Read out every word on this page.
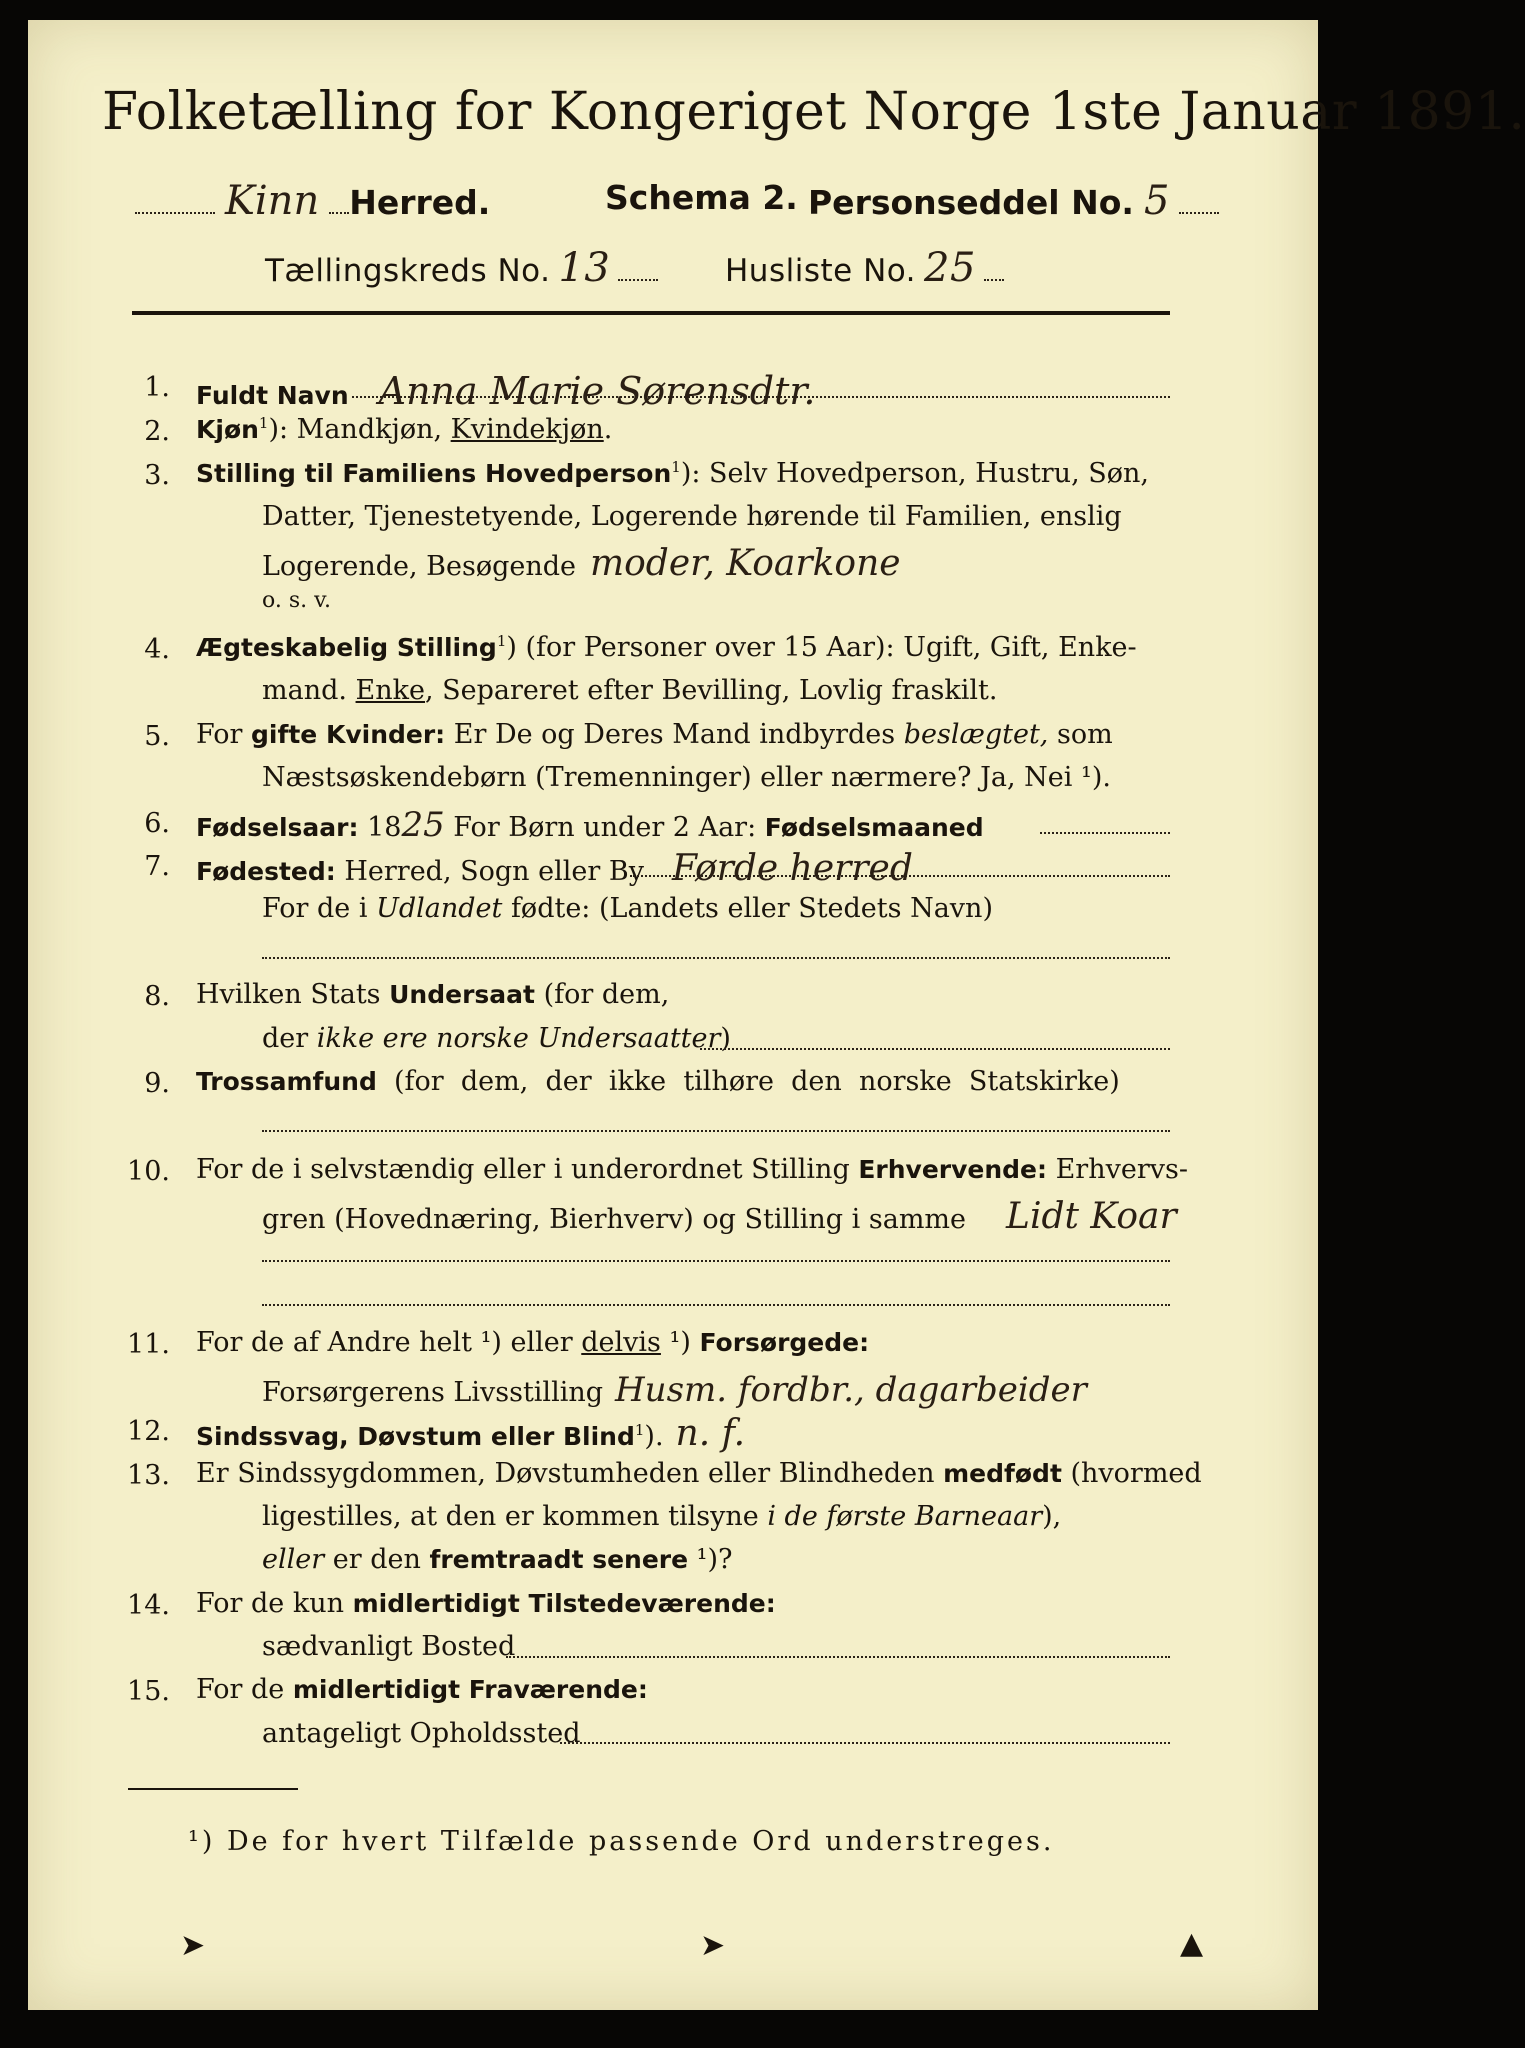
Folketælling for Kongeriget Norge 1ste Januar 1891.
Kinn Herred.	Schema 2. Personseddel No. 5
Tællingskreds No. 13	Husliste No. 25
1. Fuldt Navn Anna Marie Sørensdtr.
2. Kjøn$^1$): Mandkjøn, Kvindekjøn.
3. Stilling til Familiens Hovedperson$^1$): Selv Hovedperson, Hustru, Søn,
Datter, Tjenestetyende, Logerende hørende til Familien, enslig
Logerende, Besøgende moder, Koarkone
o. s. v.
4. Ægteskabelig Stilling$^1$) (for Personer over 15 Aar): Ugift, Gift, Enke-
mand. Enke, Separeret efter Bevilling, Lovlig fraskilt.
5. For gifte Kvinder: Er De og Deres Mand indbyrdes beslægtet, som
Næstsøskendebørn (Tremenninger) eller nærmere? Ja, Nei ¹).
6. Fødselsaar: 1825 For Børn under 2 Aar: Fødselsmaaned
7. Fødested: Herred, Sogn eller By Førde herred
For de i Udlandet fødte: (Landets eller Stedets Navn)
8. Hvilken Stats Undersaat (for dem,
der ikke ere norske Undersaatter)
9. Trossamfund  (for  dem,  der  ikke  tilhøre  den  norske  Statskirke)
10. For de i selvstændig eller i underordnet Stilling Erhvervende: Erhvervs-
gren (Hovednæring, Bierhverv) og Stilling i samme Lidt Koar
11. For de af Andre helt ¹) eller delvis ¹) Forsørgede:
Forsørgerens Livsstilling Husm. fordbr., dagarbeider
12. Sindssvag, Døvstum eller Blind$^1$). n. f.
13. Er Sindssygdommen, Døvstumheden eller Blindheden medfødt (hvormed
ligestilles, at den er kommen tilsyne i de første Barneaar),
eller er den fremtraadt senere ¹)?
14. For de kun midlertidigt Tilstedeværende:
sædvanligt Bosted
15. For de midlertidigt Fraværende:
antageligt Opholdssted
¹) De for hvert Tilfælde passende Ord understreges.
➤	➤	▲
